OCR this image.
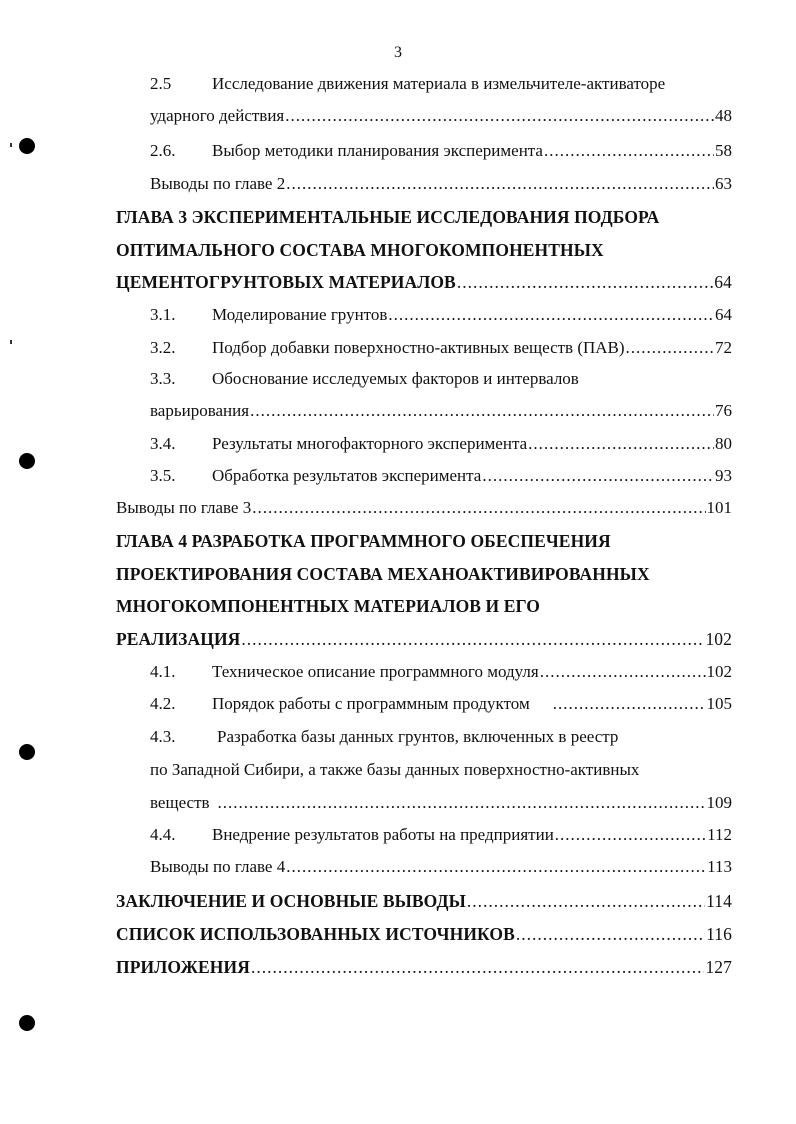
3
2.5 Исследование движения материала в измельчителе-активаторе
ударного действия .....	48
2.6. Выбор методики планирования эксперимента .....	58
Выводы по главе 2 .....	63
ГЛАВА 3 ЭКСПЕРИМЕНТАЛЬНЫЕ ИССЛЕДОВАНИЯ ПОДБОРА
ОПТИМАЛЬНОГО СОСТАВА МНОГОКОМПОНЕНТНЫХ
ЦЕМЕНТОГРУНТОВЫХ МАТЕРИАЛОВ .....	64
3.1. Моделирование грунтов .....	64
3.2. Подбор добавки поверхностно-активных веществ (ПАВ) .....	72
3.3. Обоснование исследуемых факторов и интервалов
варьирования .....	76
3.4. Результаты многофакторного эксперимента .....	80
3.5. Обработка результатов эксперимента .....	93
Выводы по главе 3 .....	101
ГЛАВА 4 РАЗРАБОТКА ПРОГРАММНОГО ОБЕСПЕЧЕНИЯ
ПРОЕКТИРОВАНИЯ СОСТАВА МЕХАНОАКТИВИРОВАННЫХ
МНОГОКОМПОНЕНТНЫХ МАТЕРИАЛОВ И ЕГО
РЕАЛИЗАЦИЯ .....	102
4.1. Техническое описание программного модуля .....	102
4.2. Порядок работы с программным продуктом .....	105
4.3. Разработка базы данных грунтов, включенных в реестр
по Западной Сибири, а также базы данных поверхностно-активных
веществ .....	109
4.4. Внедрение результатов работы на предприятии .....	112
Выводы по главе 4 .....	113
ЗАКЛЮЧЕНИЕ И ОСНОВНЫЕ ВЫВОДЫ .....	114
СПИСОК ИСПОЛЬЗОВАННЫХ ИСТОЧНИКОВ .....	116
ПРИЛОЖЕНИЯ .....	127
